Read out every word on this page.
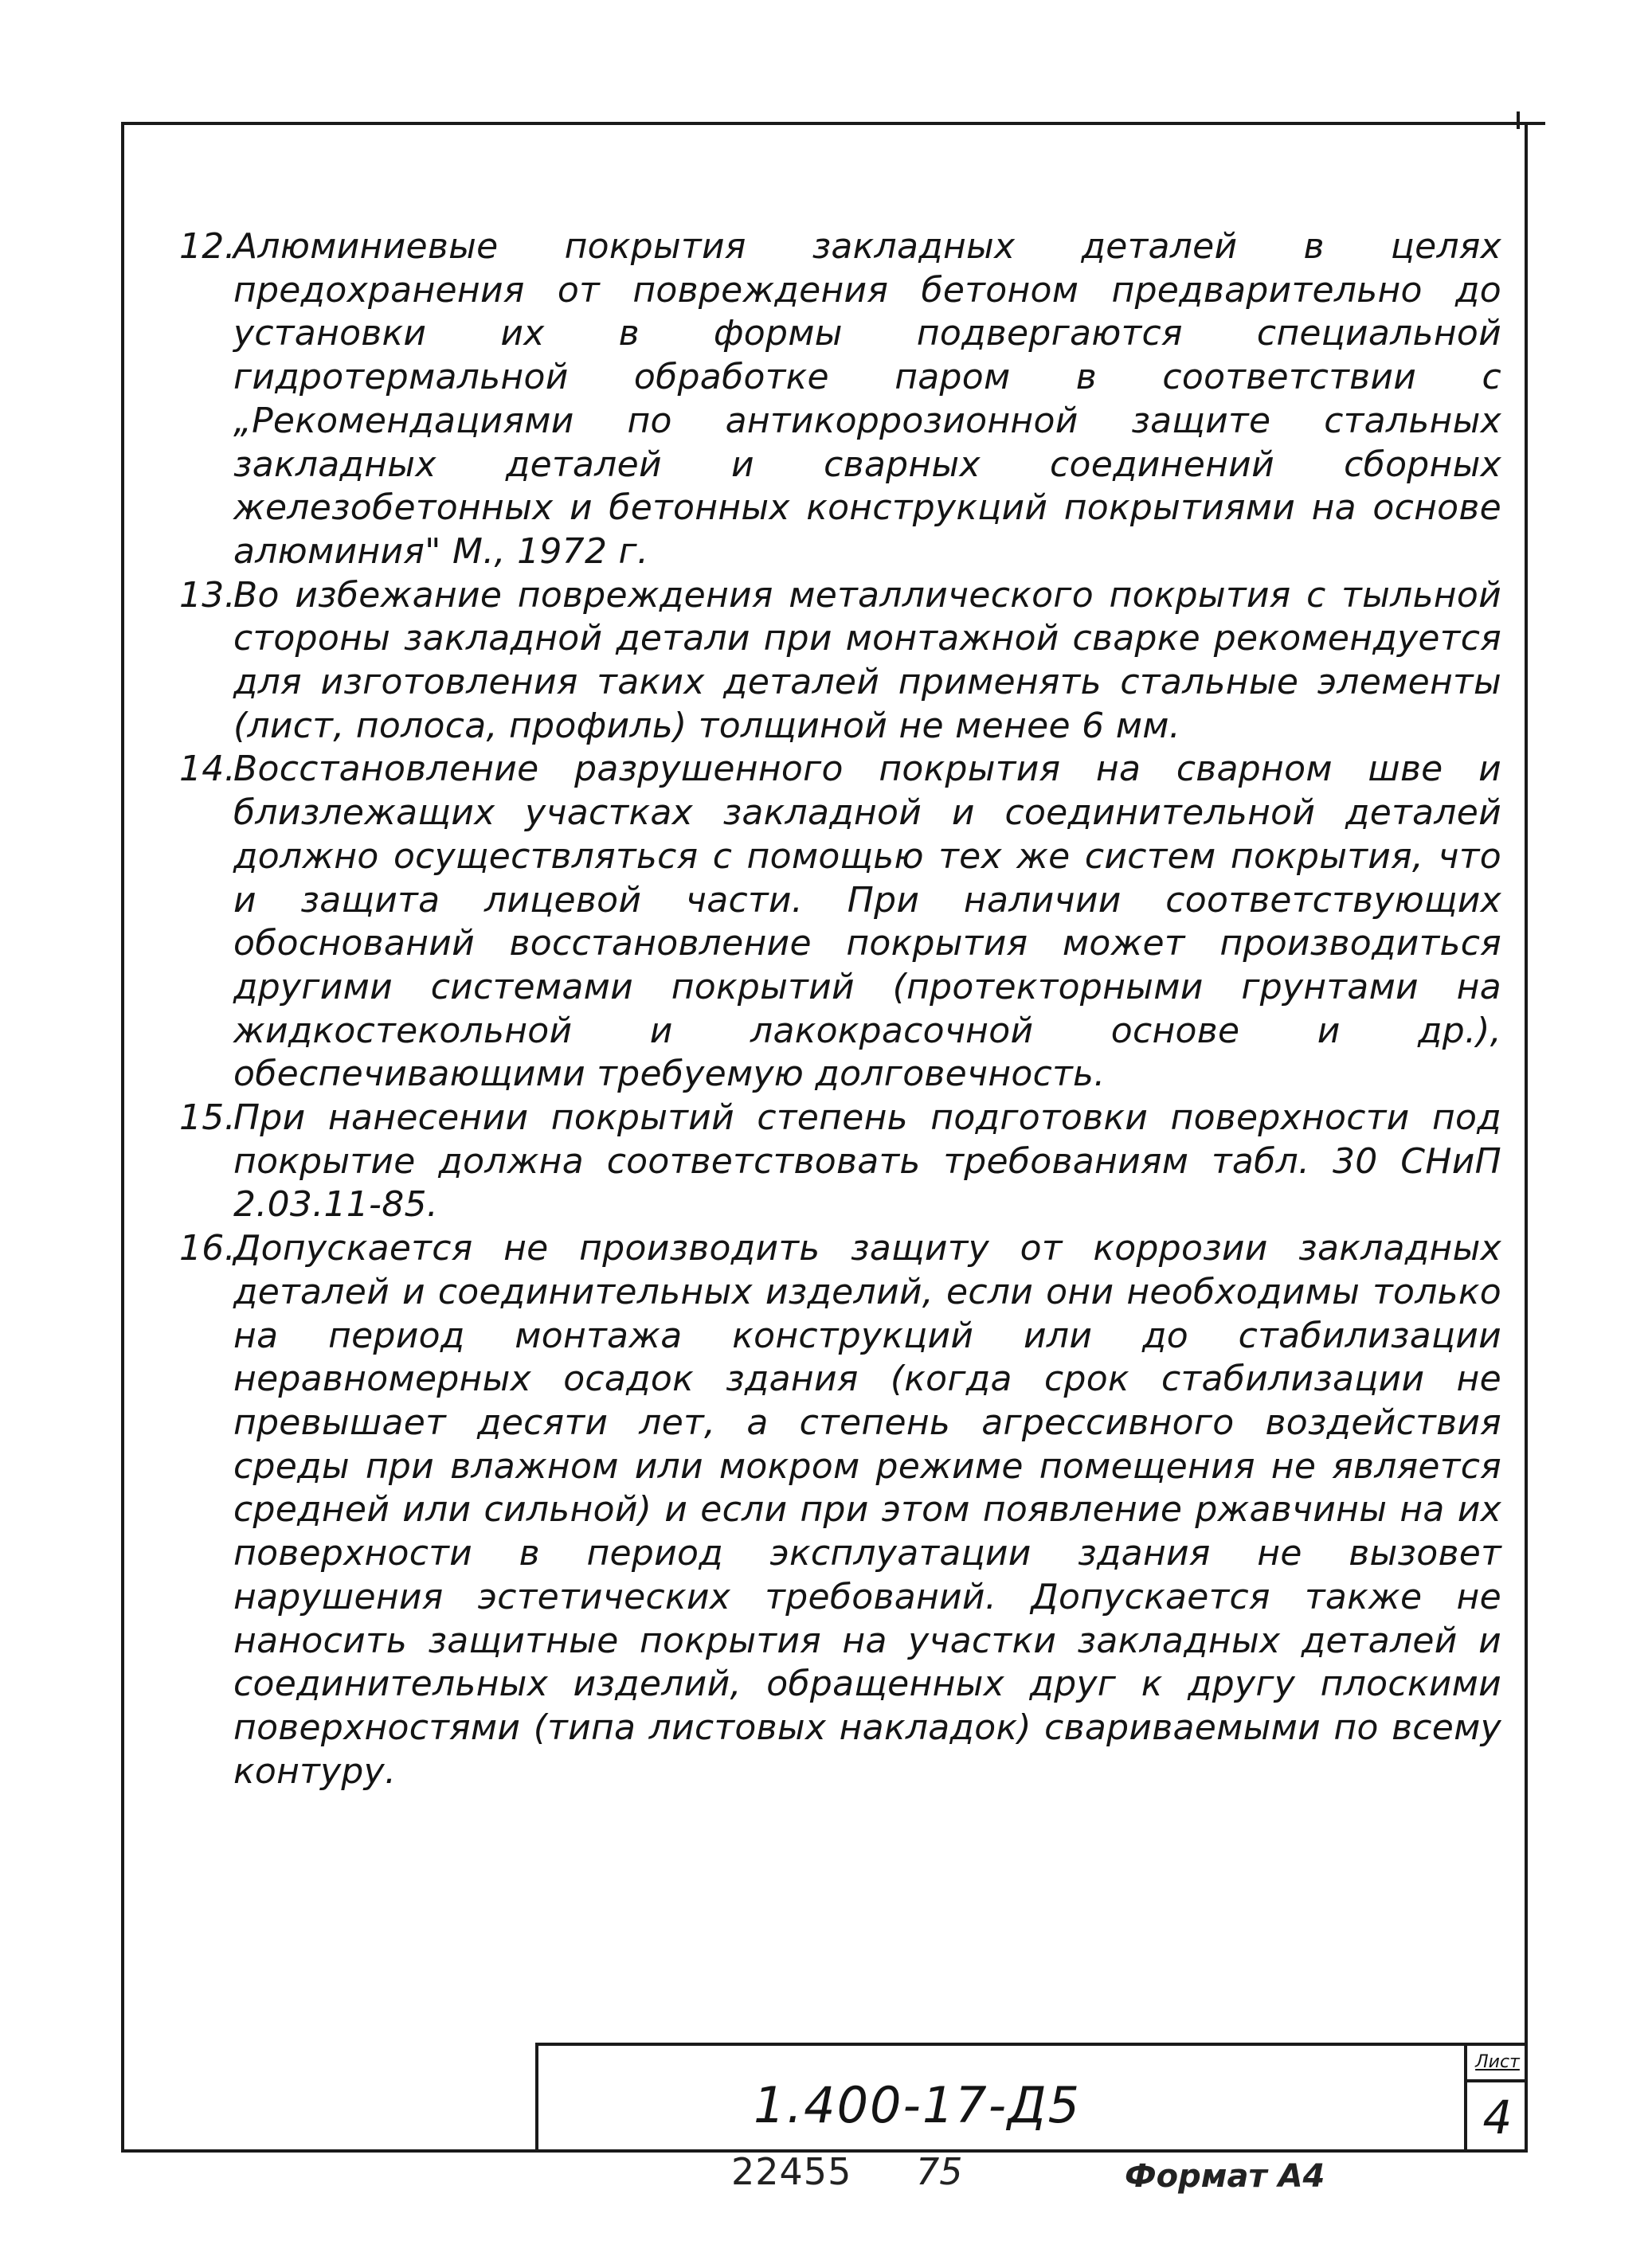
12.
Алюминиевые покрытия закладных деталей в целях предохранения от повреждения бетоном предварительно до установки их в формы подвергаются специальной гидротермальной обработке паром в соответствии с „Рекомендациями по антикоррозионной защите стальных закладных деталей и сварных соединений сборных железобетонных и бетонных конструкций покрытиями на основе алюминия" М., 1972 г.
13.
Во избежание повреждения металлического покрытия с тыльной стороны закладной детали при монтажной сварке рекомендуется для изготовления таких деталей применять стальные элементы (лист, полоса, профиль) толщиной не менее 6 мм.
14.
Восстановление разрушенного покрытия на сварном шве и близлежащих участках закладной и соединительной деталей должно осуществляться с помощью тех же систем покрытия, что и защита лицевой части. При наличии соответствующих обоснований восстановление покрытия может производиться другими системами покрытий (протекторными грунтами на жидкостекольной и лакокрасочной основе и др.), обеспечивающими требуемую долговечность.
15.
При нанесении покрытий степень подготовки поверхности под покрытие должна соответствовать требованиям табл. 30 СНиП 2.03.11-85.
16.
Допускается не производить защиту от коррозии закладных деталей и соединительных изделий, если они необходимы только на период монтажа конструкций или до стабилизации неравномерных осадок здания (когда срок стабилизации не превышает десяти лет, а степень агрессивного воздействия среды при влажном или мокром режиме помещения не является средней или сильной) и если при этом появление ржавчины на их поверхности в период эксплуатации здания не вызовет нарушения эстетических требований. Допускается также не наносить защитные покрытия на участки закладных деталей и соединительных изделий, обращенных друг к другу плоскими поверхностями (типа листовых накладок) свариваемыми по всему контуру.
1.400-17-Д5
Лист
4
22455 75	Формат А4
